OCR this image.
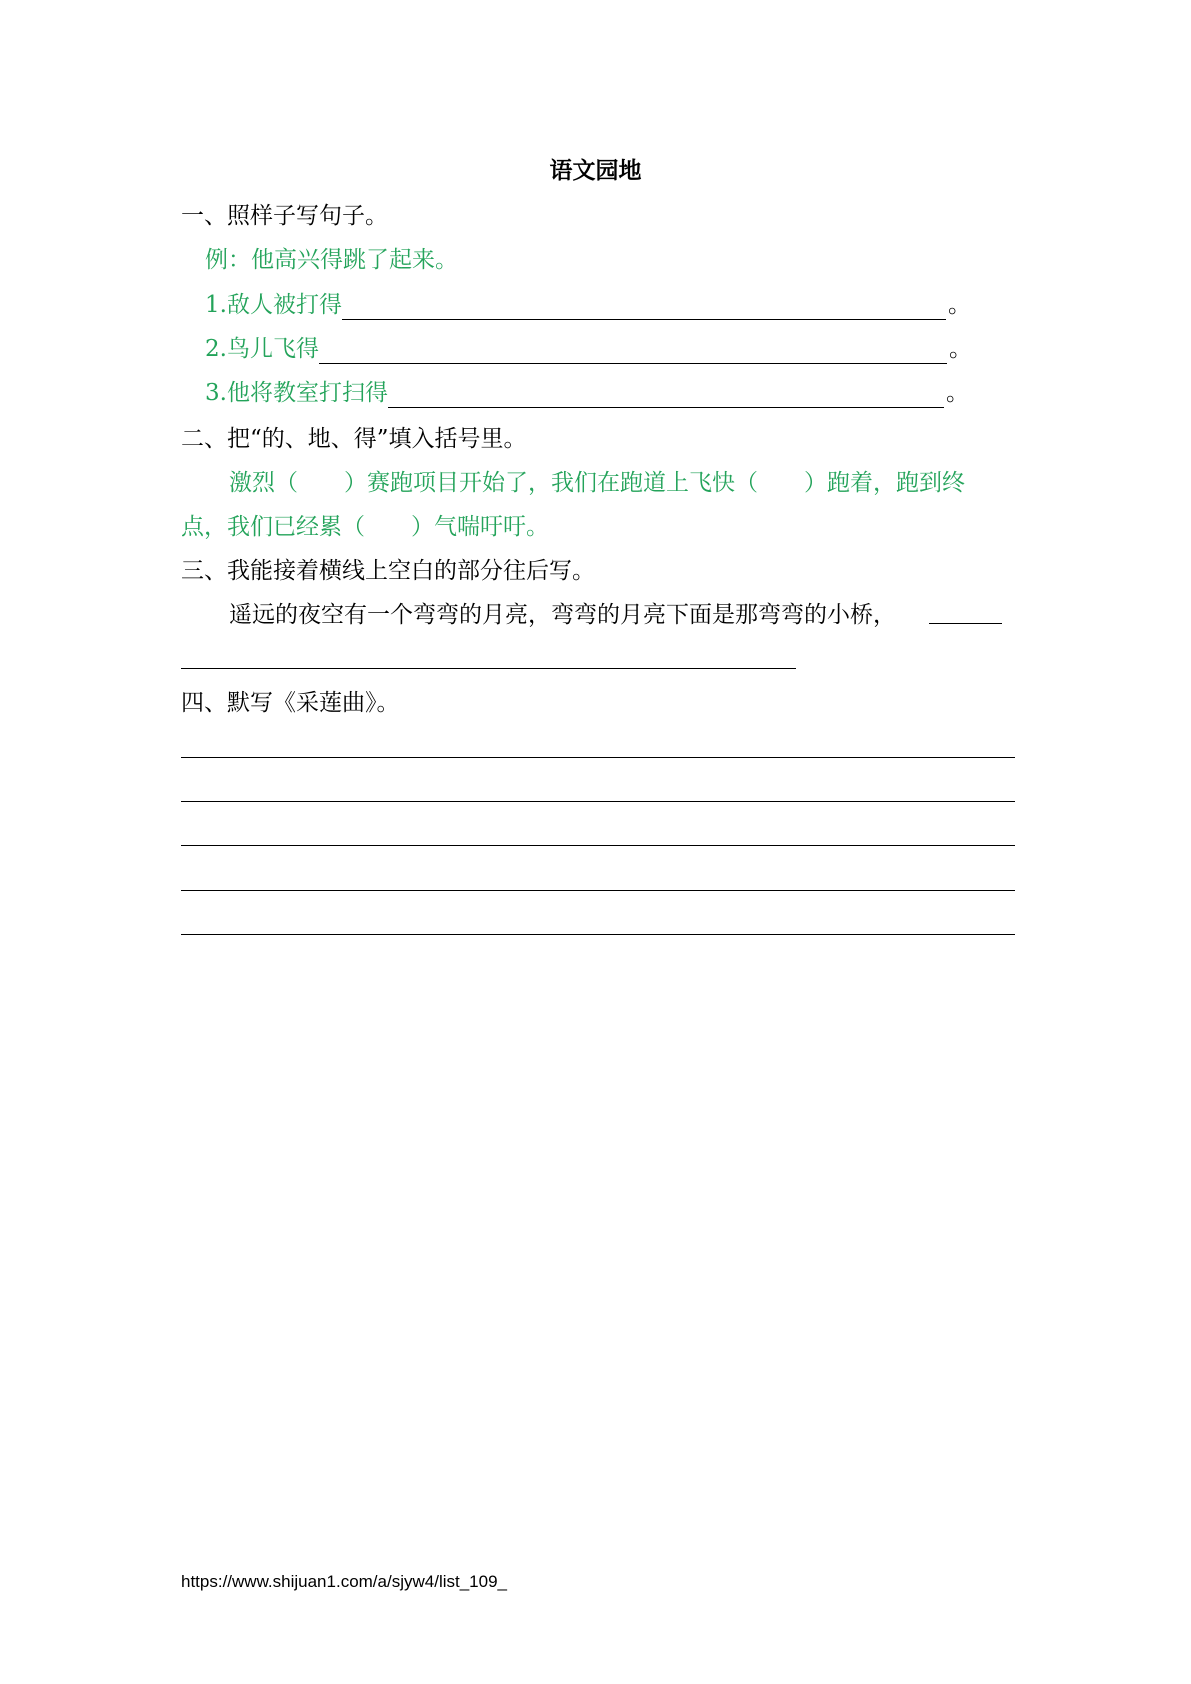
语文园地
一、照样子写句子。
例：他高兴得跳了起来。
1.敌人被打得	。
2.鸟儿飞得	。
3.他将教室打扫得	。
二、把“的、地、得”填入括号里。
激烈（　　）赛跑项目开始了，我们在跑道上飞快（　　）跑着，跑到终
点，我们已经累（　　）气喘吁吁。
三、我能接着横线上空白的部分往后写。
遥远的夜空有一个弯弯的月亮，弯弯的月亮下面是那弯弯的小桥，
四、默写《采莲曲》。
https://www.shijuan1.com/a/sjyw4/list_109_
